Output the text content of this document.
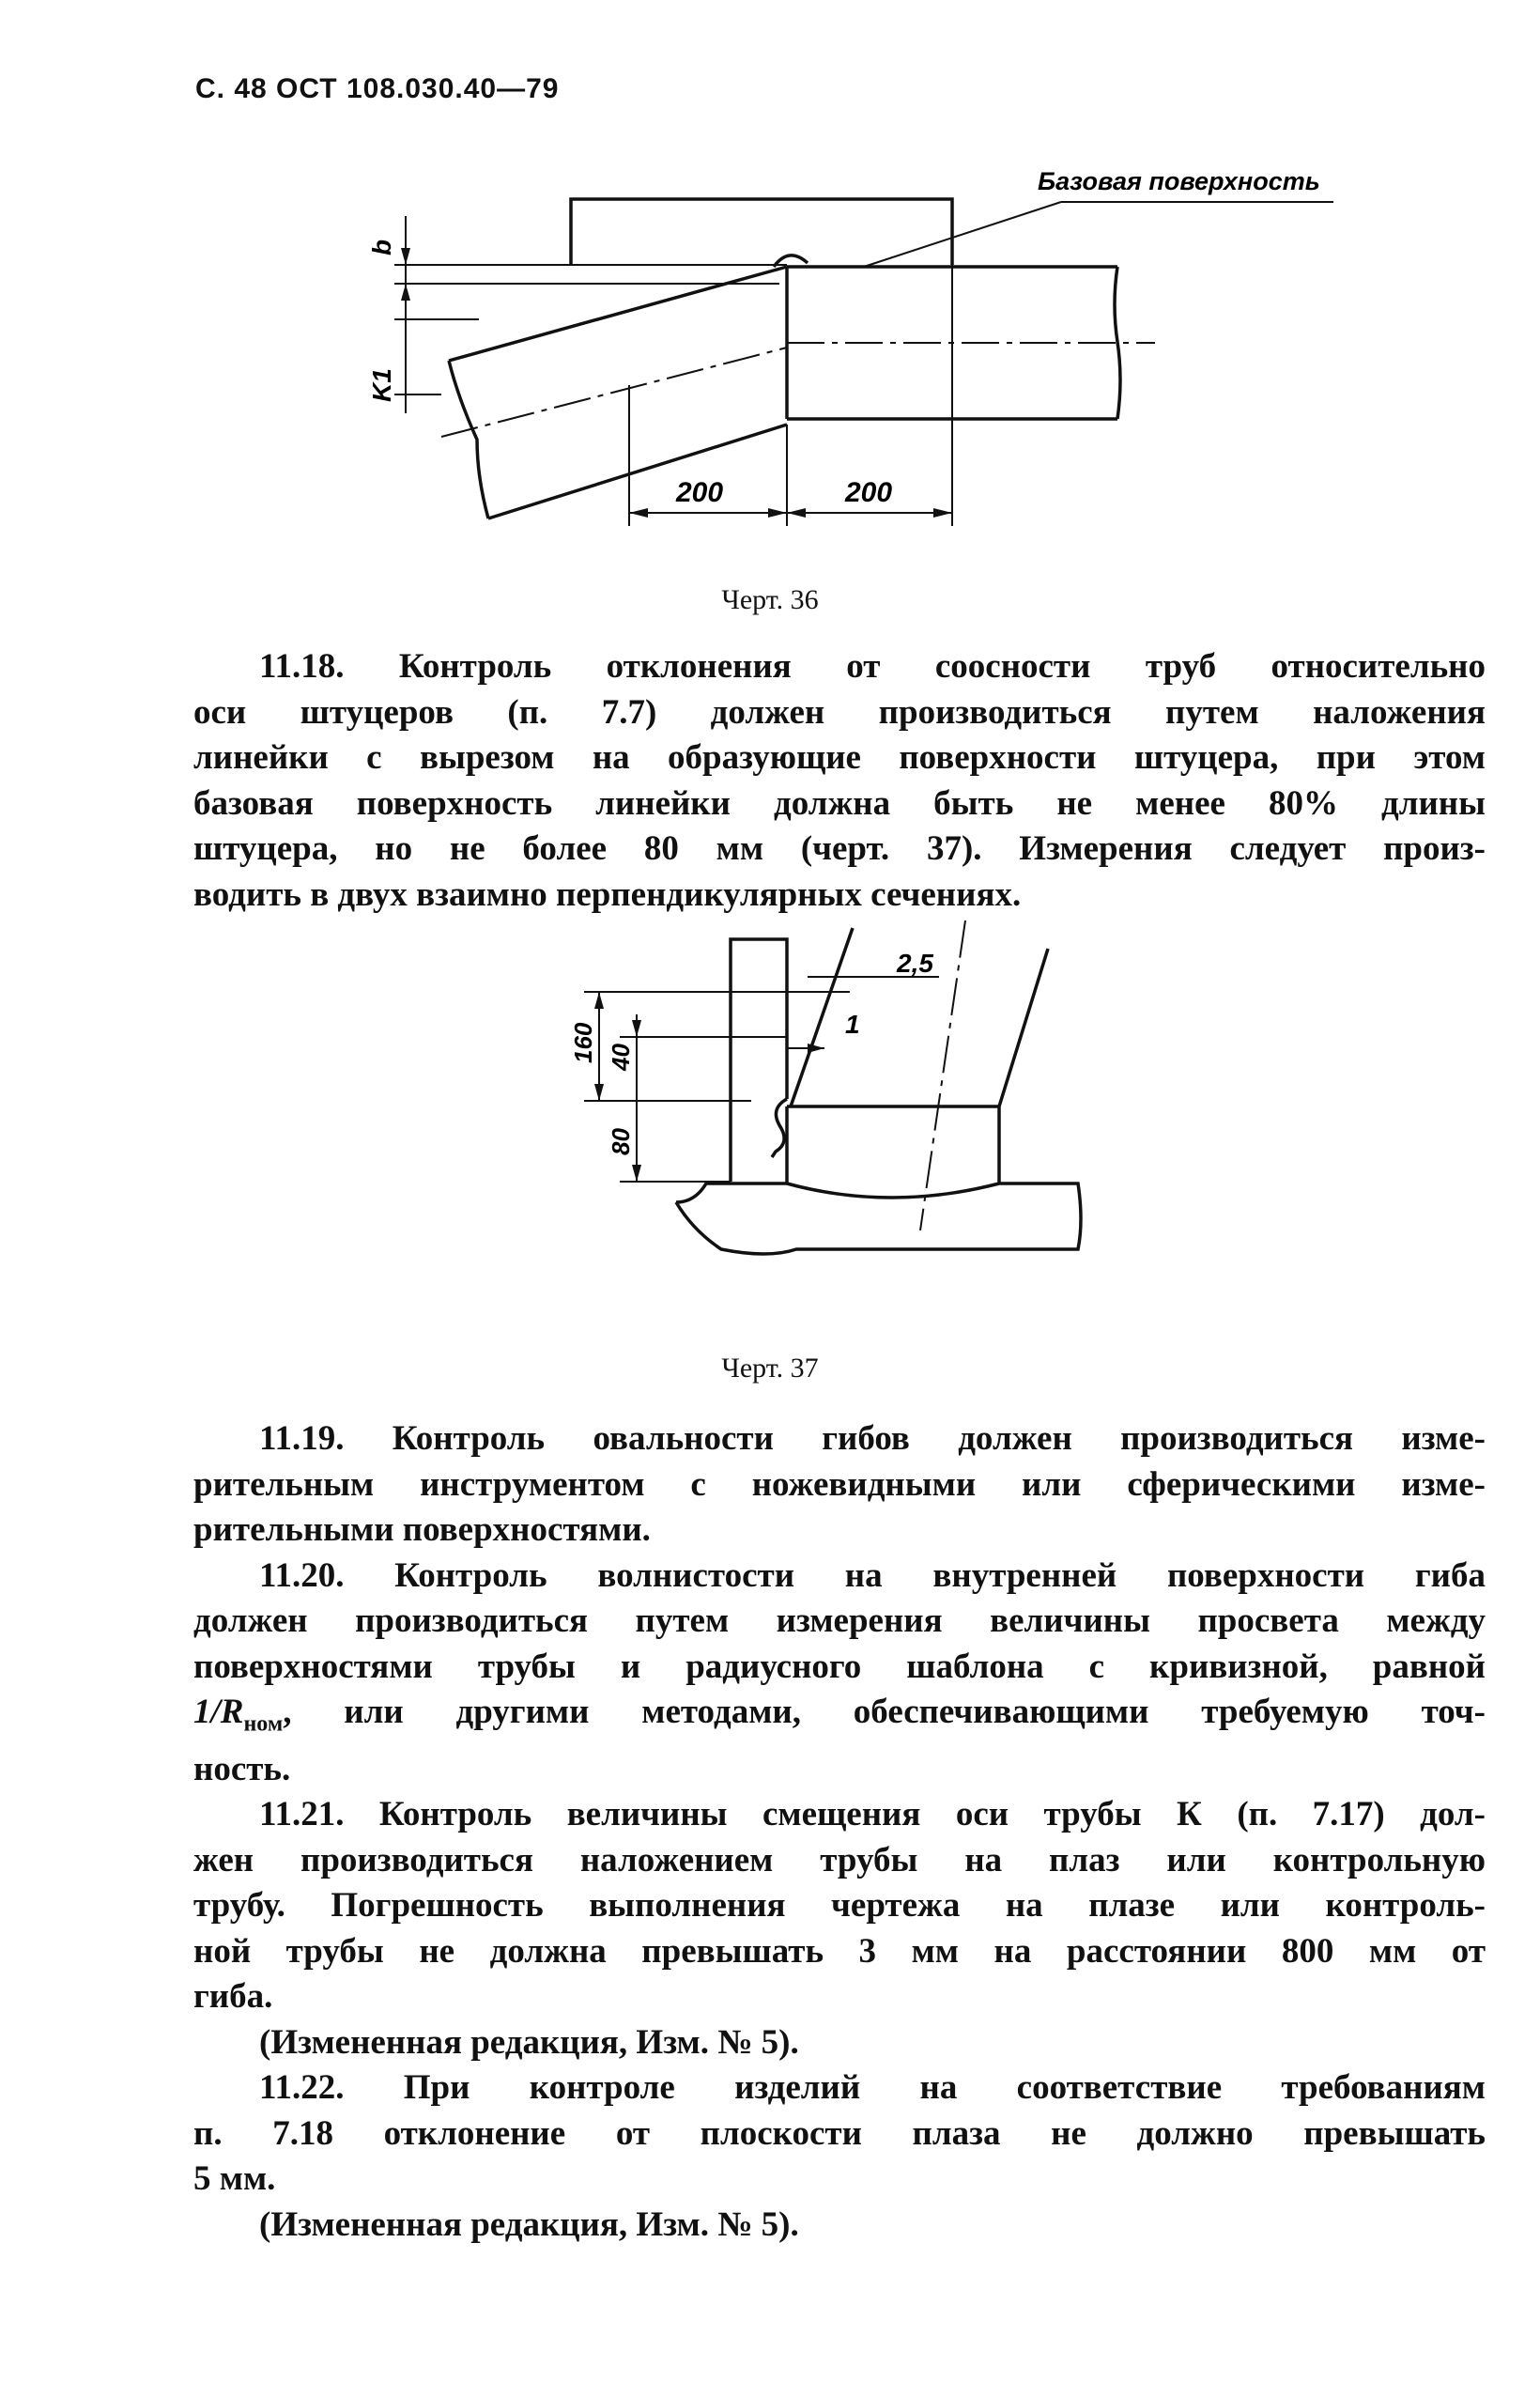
С. 48 ОСТ 108.030.40—79
Базовая поверхность
b
K1
200	200
Черт. 36

11.18. Контроль отклонения от соосности труб относительно

оси штуцеров (п. 7.7) должен производиться путем наложения

линейки с вырезом на образующие поверхности штуцера, при этом

базовая поверхность линейки должна быть не менее 80% длины

штуцера, но не более 80 мм (черт. 37). Измерения следует произ-

водить в двух взаимно перпендикулярных сечениях.

2,5
1
160 40
80
Черт. 37

11.19. Контроль овальности гибов должен производиться изме-

рительным инструментом с ножевидными или сферическими изме-

рительными поверхностями.

11.20. Контроль волнистости на внутренней поверхности гиба

должен производиться путем измерения величины просвета между

поверхностями трубы и радиусного шаблона с кривизной, равной

$1/R_{ном}$, или другими методами, обеспечивающими требуемую точ-

ность.

11.21. Контроль величины смещения оси трубы К (п. 7.17) дол-

жен производиться наложением трубы на плаз или контрольную

трубу. Погрешность выполнения чертежа на плазе или контроль-

ной трубы не должна превышать 3 мм на расстоянии 800 мм от

гиба.

(Измененная редакция, Изм. № 5).

11.22. При контроле изделий на соответствие требованиям

п. 7.18 отклонение от плоскости плаза не должно превышать

5 мм.

(Измененная редакция, Изм. № 5).
